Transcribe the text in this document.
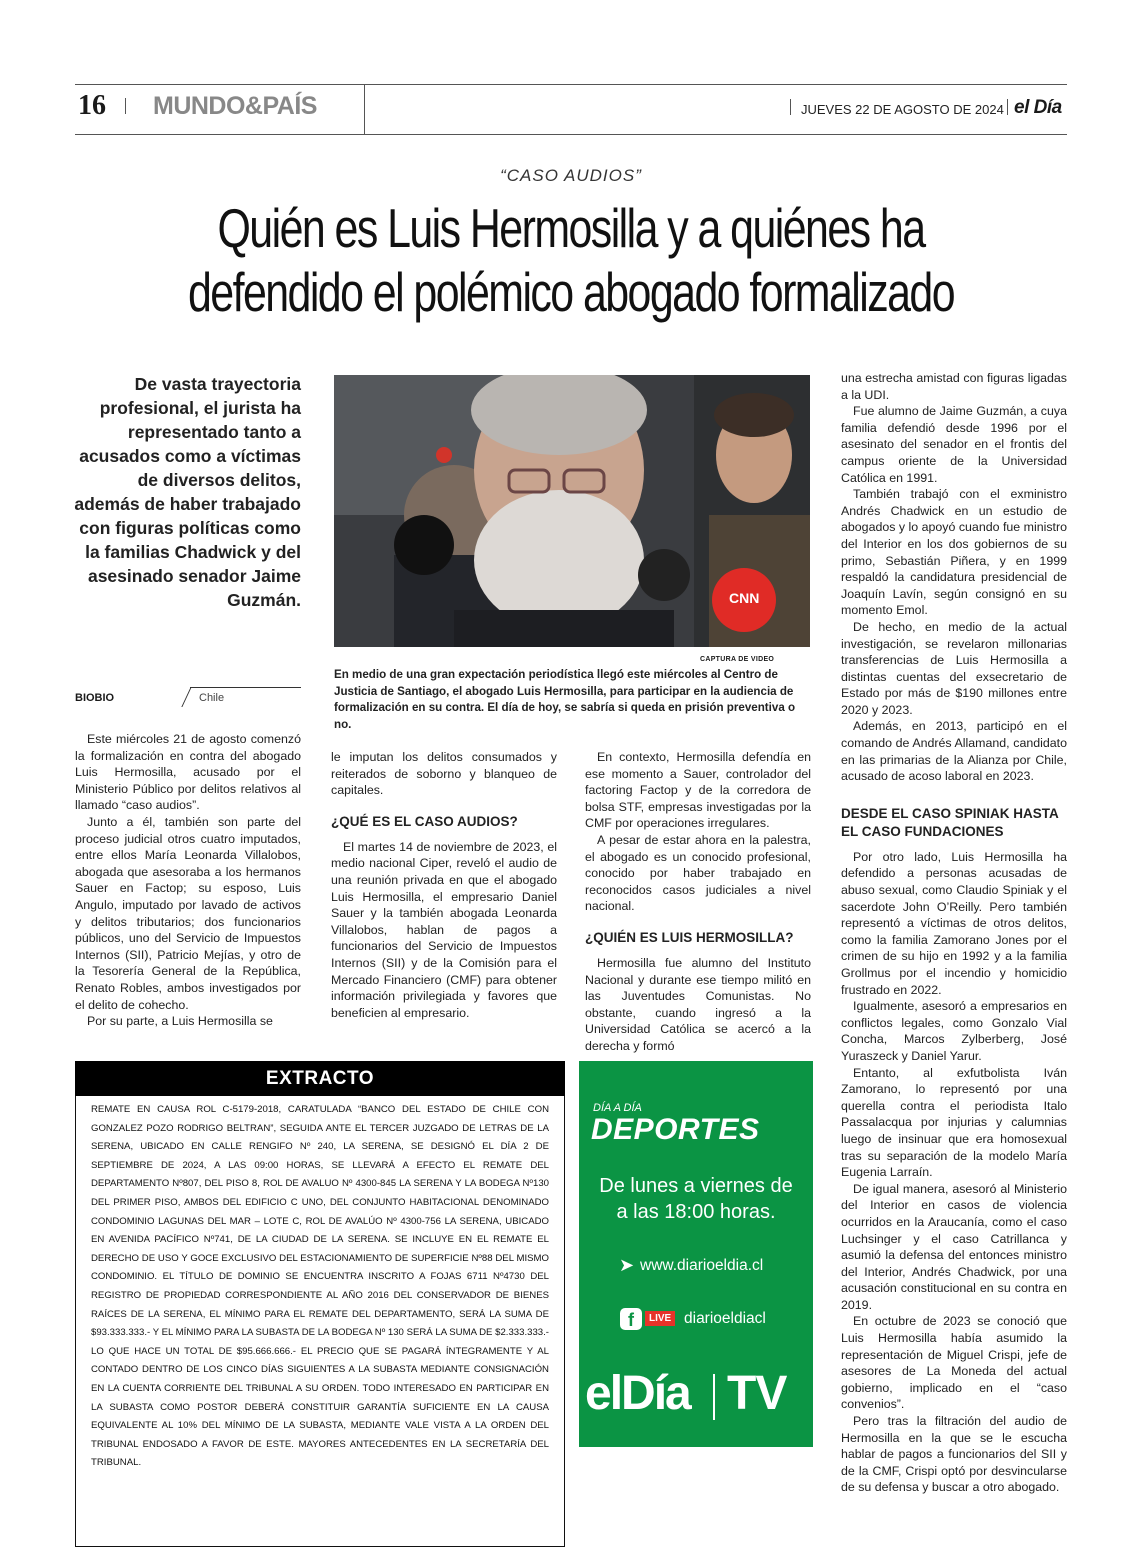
16 MUNDO&PAÍS	JUEVES 22 DE AGOSTO DE 2024 el Día
“CASO AUDIOS”
Quién es Luis Hermosilla y a quiénes ha defendido el polémico abogado formalizado
De vasta trayectoria profesional, el jurista ha representado tanto a acusados como a víctimas de diversos delitos, además de haber trabajado con figuras políticas como la familias Chadwick y del asesinado senador Jaime Guzmán.
BIOBIO	Chile
CNN
CAPTURA DE VIDEO
En medio de una gran expectación periodística llegó este miércoles al Centro de Justicia de Santiago, el abogado Luis Hermosilla, para participar en la audiencia de formalización en su contra. El día de hoy, se sabría si queda en prisión preventiva o no.

Este miércoles 21 de agosto comenzó la formalización en contra del abogado Luis Hermosilla, acusado por el Ministerio Público por delitos relativos al llamado “caso audios”.

Junto a él, también son parte del proceso judicial otros cuatro imputados, entre ellos María Leonarda Villalobos, abogada que asesoraba a los hermanos Sauer en Factop; su esposo, Luis Angulo, imputado por lavado de activos y delitos tributarios; dos funcionarios públicos, uno del Servicio de Impuestos Internos (SII), Patricio Mejías, y otro de la Tesorería General de la República, Renato Robles, ambos investigados por el delito de cohecho.

Por su parte, a Luis Hermosilla se

le imputan los delitos consumados y reiterados de soborno y blanqueo de capitales.

¿QUÉ ES EL CASO AUDIOS?

El martes 14 de noviembre de 2023, el medio nacional Ciper, reveló el audio de una reunión privada en que el abogado Luis Hermosilla, el empresario Daniel Sauer y la también abogada Leonarda Villalobos, hablan de pagos a funcionarios del Servicio de Impuestos Internos (SII) y de la Comisión para el Mercado Financiero (CMF) para obtener información privilegiada y favores que beneficien al empresario.

En contexto, Hermosilla defendía en ese momento a Sauer, controlador del factoring Factop y de la corredora de bolsa STF, empresas investigadas por la CMF por operaciones irregulares.

A pesar de estar ahora en la palestra, el abogado es un conocido profesional, conocido por haber trabajado en reconocidos casos judiciales a nivel nacional.

¿QUIÉN ES LUIS HERMOSILLA?

Hermosilla fue alumno del Instituto Nacional y durante ese tiempo militó en las Juventudes Comunistas. No obstante, cuando ingresó a la Universidad Católica se acercó a la derecha y formó

una estrecha amistad con figuras ligadas a la UDI.

Fue alumno de Jaime Guzmán, a cuya familia defendió desde 1996 por el asesinato del senador en el frontis del campus oriente de la Universidad Católica en 1991.

También trabajó con el exministro Andrés Chadwick en un estudio de abogados y lo apoyó cuando fue ministro del Interior en los dos gobiernos de su primo, Sebastián Piñera, y en 1999 respaldó la candidatura presidencial de Joaquín Lavín, según consignó en su momento Emol.

De hecho, en medio de la actual investigación, se revelaron millonarias transferencias de Luis Hermosilla a distintas cuentas del exsecretario de Estado por más de $190 millones entre 2020 y 2023.

Además, en 2013, participó en el comando de Andrés Allamand, candidato en las primarias de la Alianza por Chile, acusado de acoso laboral en 2023.

DESDE EL CASO SPINIAK HASTA EL CASO FUNDACIONES

Por otro lado, Luis Hermosilla ha defendido a personas acusadas de abuso sexual, como Claudio Spiniak y el sacerdote John O’Reilly. Pero también representó a víctimas de otros delitos, como la familia Zamorano Jones por el crimen de su hijo en 1992 y a la familia Grollmus por el incendio y homicidio frustrado en 2022.

Igualmente, asesoró a empresarios en conflictos legales, como Gonzalo Vial Concha, Marcos Zylberberg, José Yuraszeck y Daniel Yarur.

Entanto, al exfutbolista Iván Zamorano, lo representó por una querella contra el periodista Italo Passalacqua por injurias y calumnias luego de insinuar que era homosexual tras su separación de la modelo María Eugenia Larraín.

De igual manera, asesoró al Ministerio del Interior en casos de violencia ocurridos en la Araucanía, como el caso Luchsinger y el caso Catrillanca y asumió la defensa del entonces ministro del Interior, Andrés Chadwick, por una acusación constitucional en su contra en 2019.

En octubre de 2023 se conoció que Luis Hermosilla había asumido la representación de Miguel Crispi, jefe de asesores de La Moneda del actual gobierno, implicado en el “caso convenios”.

Pero tras la filtración del audio de Hermosilla en la que se le escucha hablar de pagos a funcionarios del SII y de la CMF, Crispi optó por desvincularse de su defensa y buscar a otro abogado.

EXTRACTO
REMATE EN CAUSA ROL C-5179-2018, CARATULADA “BANCO DEL ESTADO DE CHILE CON GONZALEZ POZO RODRIGO BELTRAN”, SEGUIDA ANTE EL TERCER JUZGADO DE LETRAS DE LA SERENA, UBICADO EN CALLE RENGIFO Nº 240, LA SERENA, SE DESIGNÓ EL DÍA 2 DE SEPTIEMBRE DE 2024, A LAS 09:00 HORAS, SE LLEVARÁ A EFECTO EL REMATE DEL DEPARTAMENTO Nº807, DEL PISO 8, ROL DE AVALUO Nº 4300-845 LA SERENA Y LA BODEGA Nº130 DEL PRIMER PISO, AMBOS DEL EDIFICIO C UNO, DEL CONJUNTO HABITACIONAL DENOMINADO CONDOMINIO LAGUNAS DEL MAR – LOTE C, ROL DE AVALÚO Nº 4300-756 LA SERENA, UBICADO EN AVENIDA PACÍFICO Nº741, DE LA CIUDAD DE LA SERENA. SE INCLUYE EN EL REMATE EL DERECHO DE USO Y GOCE EXCLUSIVO DEL ESTACIONAMIENTO DE SUPERFICIE Nº88 DEL MISMO CONDOMINIO. EL TÍTULO DE DOMINIO SE ENCUENTRA INSCRITO A FOJAS 6711 Nº4730 DEL REGISTRO DE PROPIEDAD CORRESPONDIENTE AL AÑO 2016 DEL CONSERVADOR DE BIENES RAÍCES DE LA SERENA, EL MÍNIMO PARA EL REMATE DEL DEPARTAMENTO, SERÁ LA SUMA DE $93.333.333.- Y EL MÍNIMO PARA LA SUBASTA DE LA BODEGA Nº 130 SERÁ LA SUMA DE $2.333.333.- LO QUE HACE UN TOTAL DE $95.666.666.- EL PRECIO QUE SE PAGARÁ ÍNTEGRAMENTE Y AL CONTADO DENTRO DE LOS CINCO DÍAS SIGUIENTES A LA SUBASTA MEDIANTE CONSIGNACIÓN EN LA CUENTA CORRIENTE DEL TRIBUNAL A SU ORDEN. TODO INTERESADO EN PARTICIPAR EN LA SUBASTA COMO POSTOR DEBERÁ CONSTITUIR GARANTÍA SUFICIENTE EN LA CAUSA EQUIVALENTE AL 10% DEL MÍNIMO DE LA SUBASTA, MEDIANTE VALE VISTA A LA ORDEN DEL TRIBUNAL ENDOSADO A FAVOR DE ESTE. MAYORES ANTECEDENTES EN LA SECRETARÍA DEL TRIBUNAL.
DÍA A DÍA
DEPORTES
De lunes a viernes de
a las 18:00 horas.
➤ www.diarioeldia.cl
f	LIVE diarioeldiacl
elDía TV
